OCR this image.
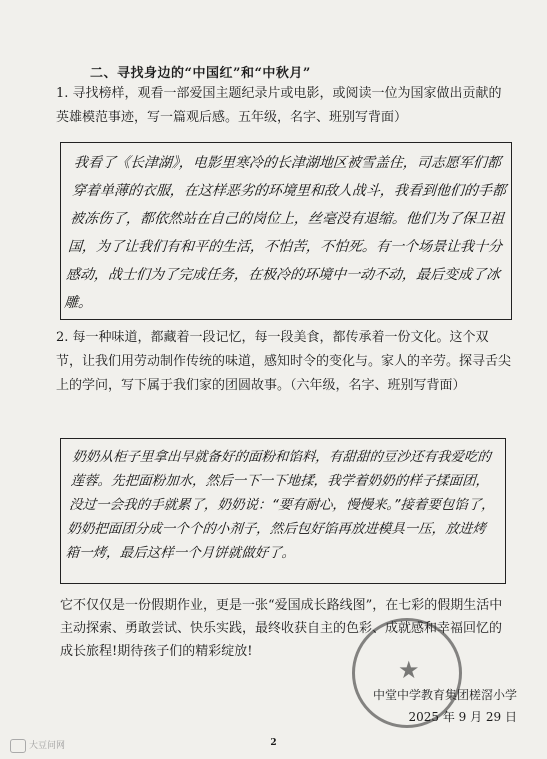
二、寻找身边的“中国红”和“中秋月”

1. 寻找榜样，观看一部爱国主题纪录片或电影，或阅读一位为国家做出贡献的英雄模范事迹，写一篇观后感。五年级，名字、班别写背面）

我看了《长津湖》，电影里寒冷的长津湖地区被雪盖住，司志愿军们都穿着单薄的衣服，在这样恶劣的环境里和敌人战斗，我看到他们的手都被冻伤了，都依然站在自己的岗位上，丝毫没有退缩。他们为了保卫祖国，为了让我们有和平的生活，不怕苦，不怕死。有一个场景让我十分感动，战士们为了完成任务，在极冷的环境中一动不动，最后变成了冰雕。

2. 每一种味道，都藏着一段记忆，每一段美食，都传承着一份文化。这个双节，让我们用劳动制作传统的味道，感知时令的变化与。家人的辛劳。探寻舌尖上的学问，写下属于我们家的团圆故事。（六年级，名字、班别写背面）

奶奶从柜子里拿出早就备好的面粉和馅料，有甜甜的豆沙还有我爱吃的莲蓉。先把面粉加水，然后一下一下地揉，我学着奶奶的样子揉面团，没过一会我的手就累了，奶奶说：“要有耐心，慢慢来。”接着要包馅了，奶奶把面团分成一个个的小剂子，然后包好馅再放进模具一压，放进烤箱一烤，最后这样一个月饼就做好了。

它不仅仅是一份假期作业，更是一张“爱国成长路线图”，在七彩的假期生活中主动探索、勇敢尝试、快乐实践，最终收获自主的色彩、成就感和幸福回忆的成长旅程!期待孩子们的精彩绽放!

★
中堂中学教育集团槎滘小学
2025 年 9 月 29 日
大豆问网	2
